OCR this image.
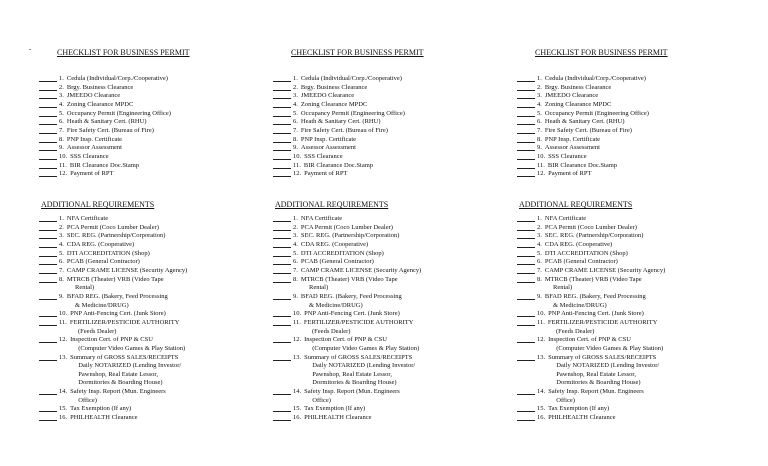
-	CHECKLIST FOR BUSINESS PERMIT
1. Cedula (Individual/Corp./Cooperative)
2. Brgy. Business Clearance
3. JMEEDO Clearance
4. Zoning Clearance MPDC
5. Occupancy Permit (Engineering Office)
6. Heath & Sanitary Cert. (RHU)
7. Fire Safety Cert. (Bureau of Fire)
8. PNP Insp. Certificate
9. Assessor Assessment
10. SSS Clearance
11. BIR Clearance Doc.Stamp
12. Payment of RPT
ADDITIONAL REQUIREMENTS
1. NFA Certificate
2. PCA Permit (Coco Lumber Dealer)
3. SEC. REG. (Partnership/Corporation)
4. CDA REG. (Cooperative)
5. DTI ACCREDITATION (Shop)
6. PCAB (General Contractor)
7. CAMP CRAME LICENSE (Security Agency)
8. MTRCB (Theater) VRB (Video Tape
Rental)
9. BFAD REG. (Bakery, Feed Processing
& Medicine/DRUG)
10. PNP Anti-Fencing Cert. (Junk Store)
11. FERTILIZER/PESTICIDE AUTHORITY
(Feeds Dealer)
12. Inspection Cert. of PNP & CSU
(Computer Video Games & Play Station)
13. Summary of GROSS SALES/RECEIPTS
Daily NOTARIZED (Lending Investor/
Pawnshop, Real Estate Lessor,
Dormitories & Boarding House)
14. Safety Insp. Report (Mun. Engineers
Office)
15. Tax Exemption (If any)
16. PHILHEALTH Clearance
CHECKLIST FOR BUSINESS PERMIT
1. Cedula (Individual/Corp./Cooperative)
2. Brgy. Business Clearance
3. JMEEDO Clearance
4. Zoning Clearance MPDC
5. Occupancy Permit (Engineering Office)
6. Heath & Sanitary Cert. (RHU)
7. Fire Safety Cert. (Bureau of Fire)
8. PNP Insp. Certificate
9. Assessor Assessment
10. SSS Clearance
11. BIR Clearance Doc.Stamp
12. Payment of RPT
ADDITIONAL REQUIREMENTS
1. NFA Certificate
2. PCA Permit (Coco Lumber Dealer)
3. SEC. REG. (Partnership/Corporation)
4. CDA REG. (Cooperative)
5. DTI ACCREDITATION (Shop)
6. PCAB (General Contractor)
7. CAMP CRAME LICENSE (Security Agency)
8. MTRCB (Theater) VRB (Video Tape
Rental)
9. BFAD REG. (Bakery, Feed Processing
& Medicine/DRUG)
10. PNP Anti-Fencing Cert. (Junk Store)
11. FERTILIZER/PESTICIDE AUTHORITY
(Feeds Dealer)
12. Inspection Cert. of PNP & CSU
(Computer Video Games & Play Station)
13. Summary of GROSS SALES/RECEIPTS
Daily NOTARIZED (Lending Investor/
Pawnshop, Real Estate Lessor,
Dormitories & Boarding House)
14. Safety Insp. Report (Mun. Engineers
Office)
15. Tax Exemption (If any)
16. PHILHEALTH Clearance
CHECKLIST FOR BUSINESS PERMIT
1. Cedula (Individual/Corp./Cooperative)
2. Brgy. Business Clearance
3. JMEEDO Clearance
4. Zoning Clearance MPDC
5. Occupancy Permit (Engineering Office)
6. Heath & Sanitary Cert. (RHU)
7. Fire Safety Cert. (Bureau of Fire)
8. PNP Insp. Certificate
9. Assessor Assessment
10. SSS Clearance
11. BIR Clearance Doc.Stamp
12. Payment of RPT
ADDITIONAL REQUIREMENTS
1. NFA Certificate
2. PCA Permit (Coco Lumber Dealer)
3. SEC. REG. (Partnership/Corporation)
4. CDA REG. (Cooperative)
5. DTI ACCREDITATION (Shop)
6. PCAB (General Contractor)
7. CAMP CRAME LICENSE (Security Agency)
8. MTRCB (Theater) VRB (Video Tape
Rental)
9. BFAD REG. (Bakery, Feed Processing
& Medicine/DRUG)
10. PNP Anti-Fencing Cert. (Junk Store)
11. FERTILIZER/PESTICIDE AUTHORITY
(Feeds Dealer)
12. Inspection Cert. of PNP & CSU
(Computer Video Games & Play Station)
13. Summary of GROSS SALES/RECEIPTS
Daily NOTARIZED (Lending Investor/
Pawnshop, Real Estate Lessor,
Dormitories & Boarding House)
14. Safety Insp. Report (Mun. Engineers
Office)
15. Tax Exemption (If any)
16. PHILHEALTH Clearance
